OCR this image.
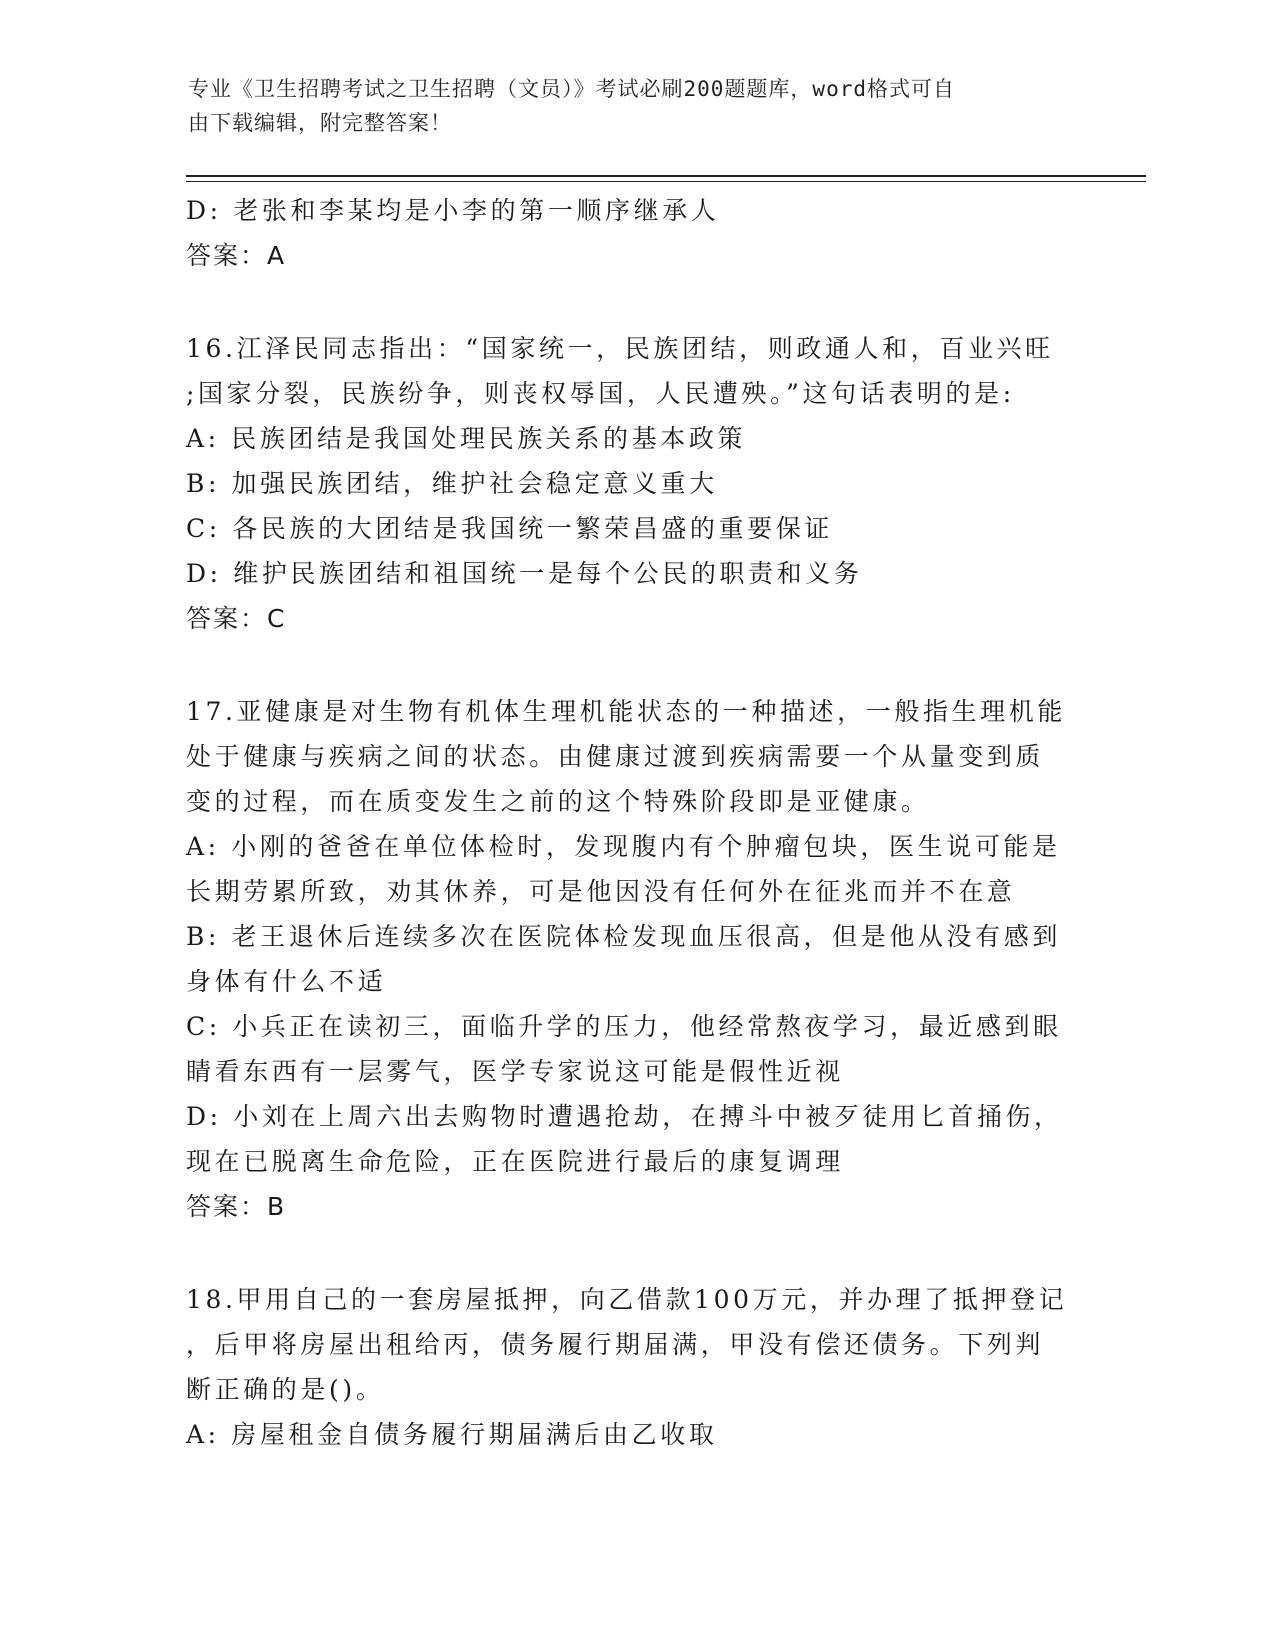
专业《卫生招聘考试之卫生招聘（文员）》考试必刷200题题库，word格式可自
由下载编辑，附完整答案！
D: 老张和李某均是小李的第一顺序继承人
答案：A
16.江泽民同志指出：“国家统一，民族团结，则政通人和，百业兴旺
;国家分裂，民族纷争，则丧权辱国，人民遭殃。”这句话表明的是:
A: 民族团结是我国处理民族关系的基本政策
B: 加强民族团结，维护社会稳定意义重大
C: 各民族的大团结是我国统一繁荣昌盛的重要保证
D: 维护民族团结和祖国统一是每个公民的职责和义务
答案：C
17.亚健康是对生物有机体生理机能状态的一种描述，一般指生理机能
处于健康与疾病之间的状态。由健康过渡到疾病需要一个从量变到质
变的过程，而在质变发生之前的这个特殊阶段即是亚健康。
A: 小刚的爸爸在单位体检时，发现腹内有个肿瘤包块，医生说可能是
长期劳累所致，劝其休养，可是他因没有任何外在征兆而并不在意
B: 老王退休后连续多次在医院体检发现血压很高，但是他从没有感到
身体有什么不适
C: 小兵正在读初三，面临升学的压力，他经常熬夜学习，最近感到眼
睛看东西有一层雾气，医学专家说这可能是假性近视
D: 小刘在上周六出去购物时遭遇抢劫，在搏斗中被歹徒用匕首捅伤，
现在已脱离生命危险，正在医院进行最后的康复调理
答案：B
18.甲用自己的一套房屋抵押，向乙借款100万元，并办理了抵押登记
，后甲将房屋出租给丙，债务履行期届满，甲没有偿还债务。下列判
断正确的是()。
A: 房屋租金自债务履行期届满后由乙收取
